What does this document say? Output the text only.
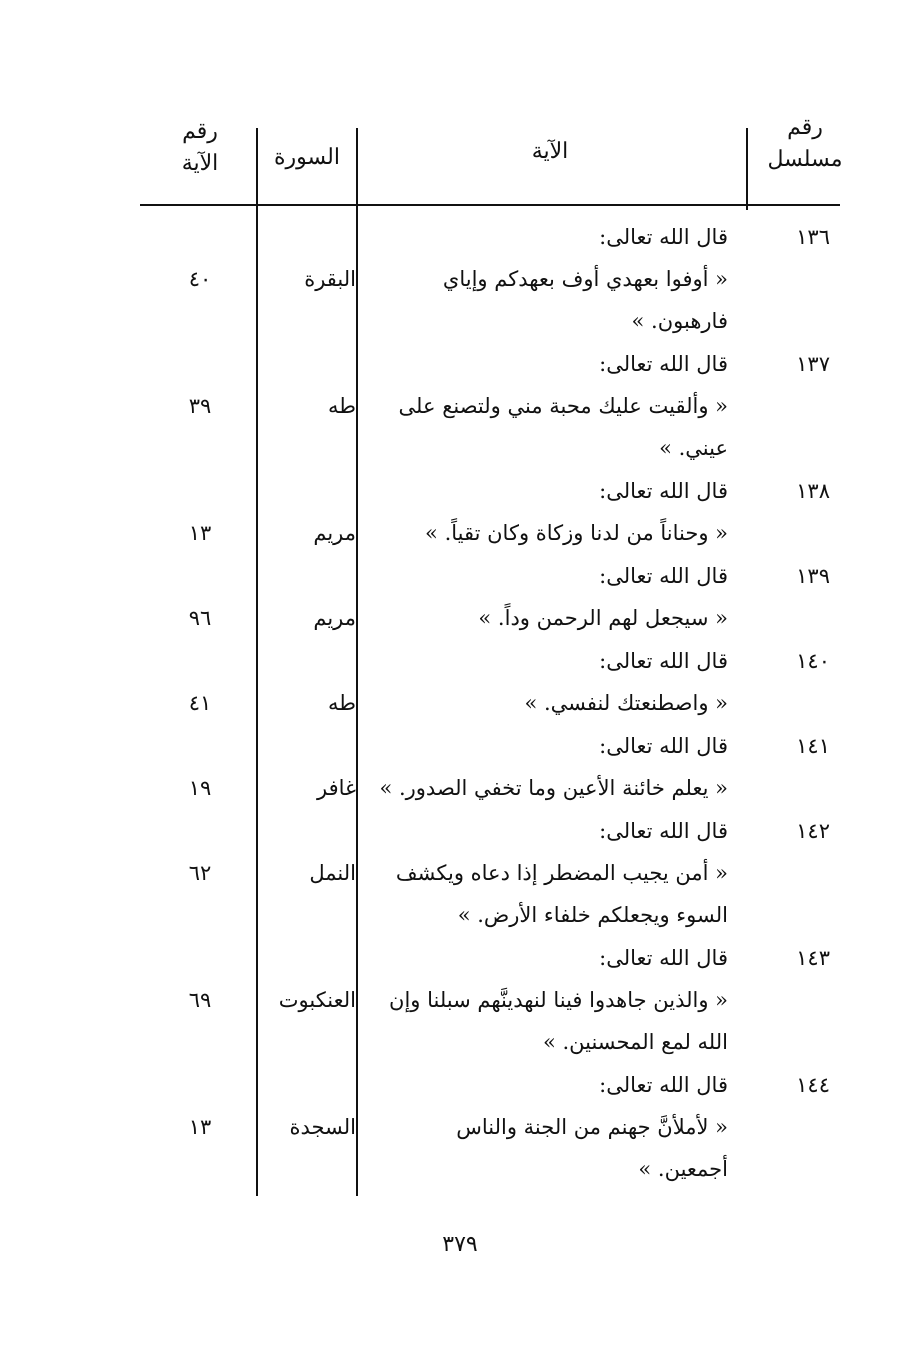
رقم
مسلسل
الآية
السورة
رقم
الآية
١٣٦
قال الله تعالى:
« أوفوا بعهدي أوف بعهدكم وإياي
فارهبون. »
البقرة
٤٠
١٣٧
قال الله تعالى:
« وألقيت عليك محبة مني ولتصنع على
عيني. »
طه
٣٩
١٣٨
قال الله تعالى:
« وحناناً من لدنا وزكاة وكان تقياً. »
مريم
١٣
١٣٩
قال الله تعالى:
« سيجعل لهم الرحمن وداً. »
مريم
٩٦
١٤٠
قال الله تعالى:
« واصطنعتك لنفسي. »
طه
٤١
١٤١
قال الله تعالى:
« يعلم خائنة الأعين وما تخفي الصدور. »
غافر
١٩
١٤٢
قال الله تعالى:
« أمن يجيب المضطر إذا دعاه ويكشف
السوء ويجعلكم خلفاء الأرض. »
النمل
٦٢
١٤٣
قال الله تعالى:
« والذين جاهدوا فينا لنهدينَّهم سبلنا وإن
الله لمع المحسنين. »
العنكبوت
٦٩
١٤٤
قال الله تعالى:
« لأملأنَّ جهنم من الجنة والناس
أجمعين. »
السجدة
١٣
٣٧٩
